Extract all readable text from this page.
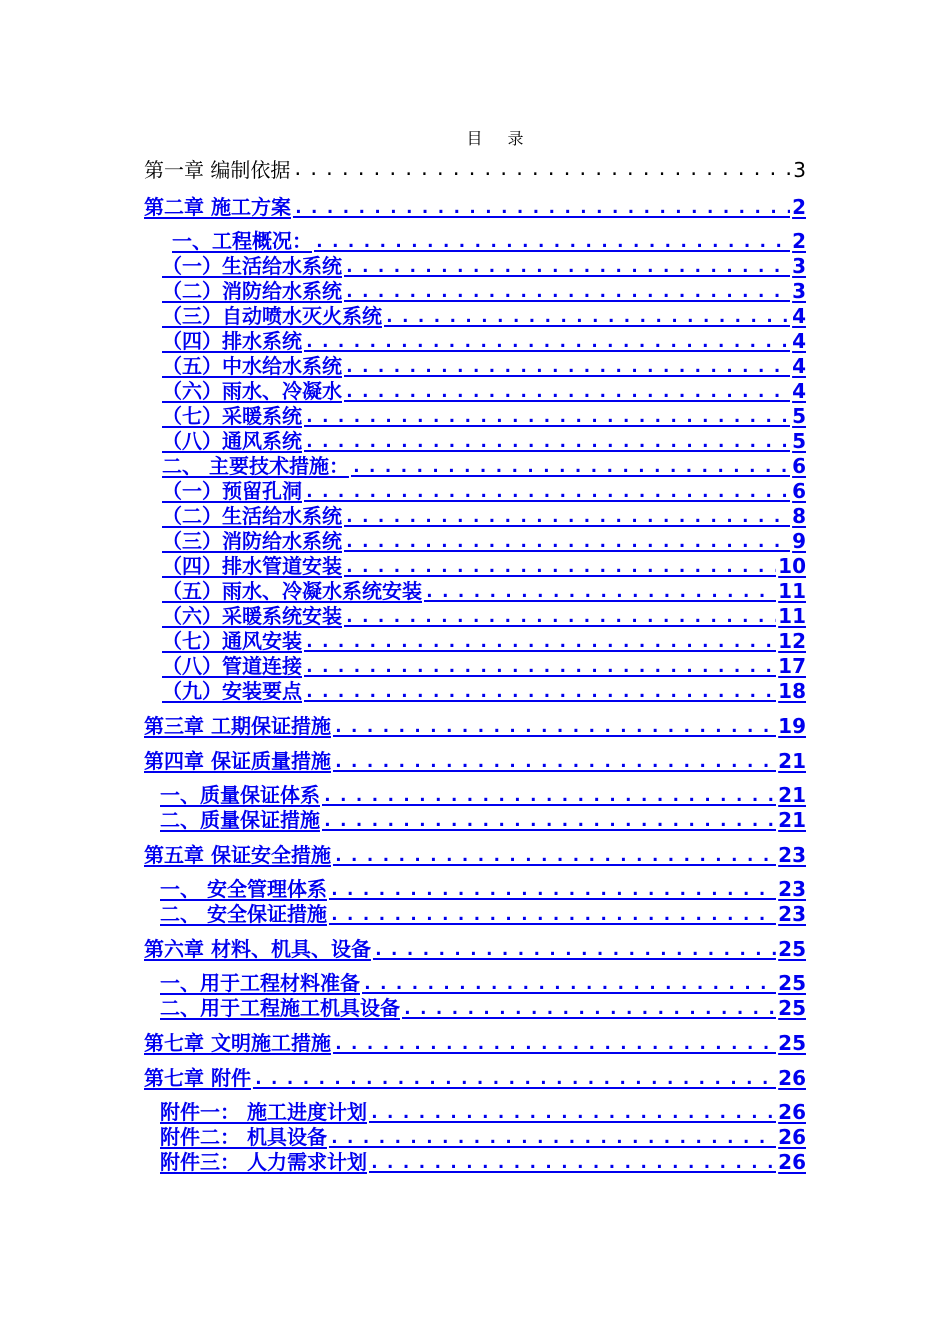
目 录
第一章 编制依据 .....	3
第二章 施工方案 .....	2
一、工程概况： .....	2
（一）生活给水系统 .....	3
（二）消防给水系统 .....	3
（三）自动喷水灭火系统 .....	4
（四）排水系统 .....	4
（五）中水给水系统 .....	4
（六）雨水、冷凝水 .....	4
（七）采暖系统 .....	5
（八）通风系统 .....	5
二、 主要技术措施： .....	6
（一）预留孔洞 .....	6
（二）生活给水系统 .....	8
（三）消防给水系统 .....	9
（四）排水管道安装 .....	10
（五）雨水、冷凝水系统安装 .....	11
（六）采暖系统安装 .....	11
（七）通风安装 .....	12
（八）管道连接 .....	17
（九）安装要点 .....	18
第三章 工期保证措施 .....	19
第四章 保证质量措施 .....	21
一、质量保证体系 .....	21
二、质量保证措施 .....	21
第五章 保证安全措施 .....	23
一、 安全管理体系 .....	23
二、 安全保证措施 .....	23
第六章 材料、机具、设备 .....	25
一、用于工程材料准备 .....	25
二、用于工程施工机具设备 .....	25
第七章 文明施工措施 .....	25
第七章 附件 .....	26
附件一： 施工进度计划 .....	26
附件二： 机具设备 .....	26
附件三： 人力需求计划 .....	26
